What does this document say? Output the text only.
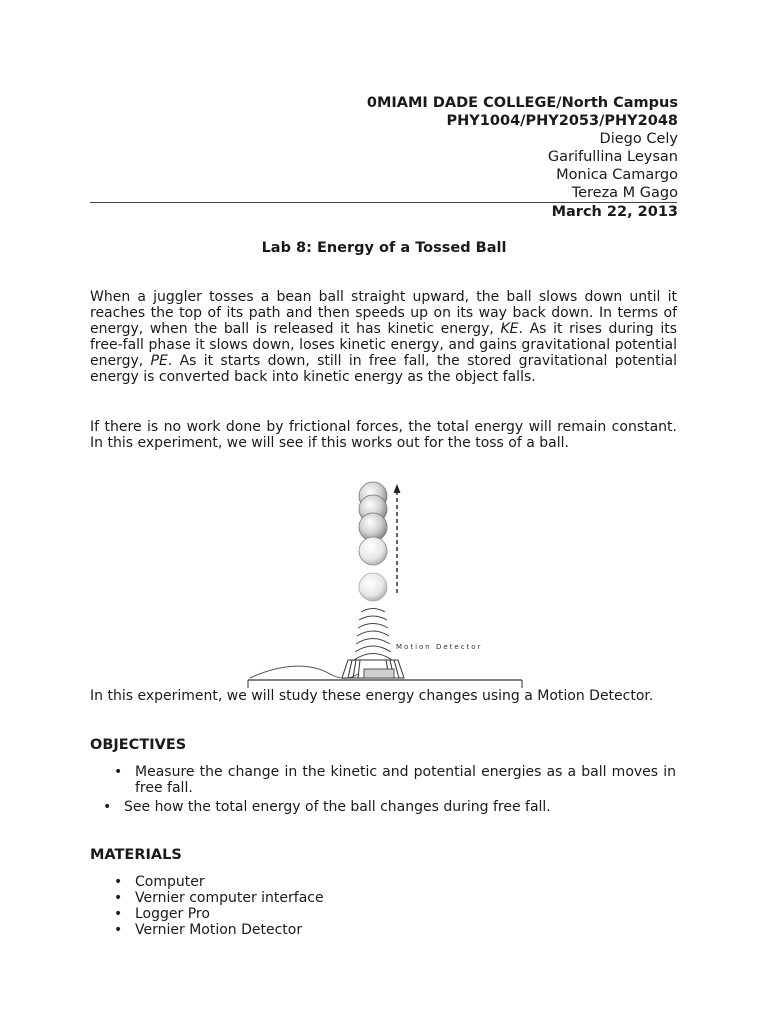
0MIAMI DADE COLLEGE/North Campus
PHY1004/PHY2053/PHY2048
Diego Cely
Garifullina Leysan
Monica Camargo
Tereza M Gago
March 22, 2013
Lab 8: Energy of a Tossed Ball

When a juggler tosses a bean ball straight upward, the ball slows down until it reaches the top of its path and then speeds up on its way back down. In terms of energy, when the ball is released it has kinetic energy, KE. As it rises during its free-fall phase it slows down, loses kinetic energy, and gains gravitational potential energy, PE. As it starts down, still in free fall, the stored gravitational potential energy is converted back into kinetic energy as the object falls.

If there is no work done by frictional forces, the total energy will remain constant. In this experiment, we will see if this works out for the toss of a ball.

Motion Detector

In this experiment, we will study these energy changes using a Motion Detector.

OBJECTIVES
• Measure the change in the kinetic and potential energies as a ball moves in free fall.
• See how the total energy of the ball changes during free fall.
MATERIALS
• Computer
• Vernier computer interface
• Logger Pro
• Vernier Motion Detector
